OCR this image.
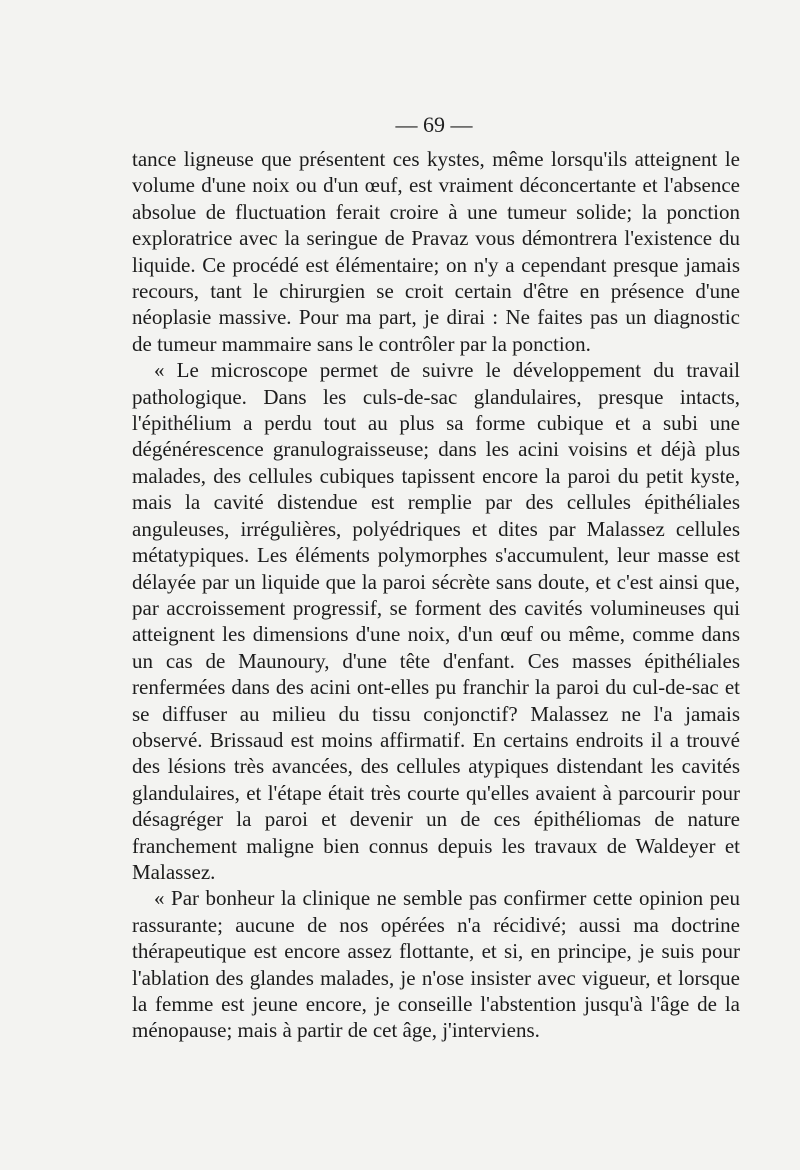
— 69 —

tance ligneuse que présentent ces kystes, même lorsqu'ils atteignent le volume d'une noix ou d'un œuf, est vraiment déconcertante et l'absence absolue de fluctuation ferait croire à une tumeur solide; la ponction exploratrice avec la seringue de Pravaz vous démontrera l'existence du liquide. Ce procédé est élémentaire; on n'y a cependant presque jamais recours, tant le chirurgien se croit certain d'être en présence d'une néoplasie massive. Pour ma part, je dirai : Ne faites pas un diagnostic de tumeur mammaire sans le contrôler par la ponction.

« Le microscope permet de suivre le développement du travail pathologique. Dans les culs-de-sac glandulaires, presque intacts, l'épithélium a perdu tout au plus sa forme cubique et a subi une dégénérescence granulograisseuse; dans les acini voisins et déjà plus malades, des cellules cubiques tapissent encore la paroi du petit kyste, mais la cavité distendue est remplie par des cellules épithéliales anguleuses, irrégulières, polyédriques et dites par Malassez cellules métatypiques. Les éléments polymorphes s'accumulent, leur masse est délayée par un liquide que la paroi sécrète sans doute, et c'est ainsi que, par accroissement progressif, se forment des cavités volumineuses qui atteignent les dimensions d'une noix, d'un œuf ou même, comme dans un cas de Maunoury, d'une tête d'enfant. Ces masses épithéliales renfermées dans des acini ont-elles pu franchir la paroi du cul-de-sac et se diffuser au milieu du tissu conjonctif? Malassez ne l'a jamais observé. Brissaud est moins affirmatif. En certains endroits il a trouvé des lésions très avancées, des cellules atypiques distendant les cavités glandulaires, et l'étape était très courte qu'elles avaient à parcourir pour désagréger la paroi et devenir un de ces épithéliomas de nature franchement maligne bien connus depuis les travaux de Waldeyer et Malassez.

« Par bonheur la clinique ne semble pas confirmer cette opinion peu rassurante; aucune de nos opérées n'a récidivé; aussi ma doctrine thérapeutique est encore assez flottante, et si, en principe, je suis pour l'ablation des glandes malades, je n'ose insister avec vigueur, et lorsque la femme est jeune encore, je conseille l'abstention jusqu'à l'âge de la ménopause; mais à partir de cet âge, j'interviens.
